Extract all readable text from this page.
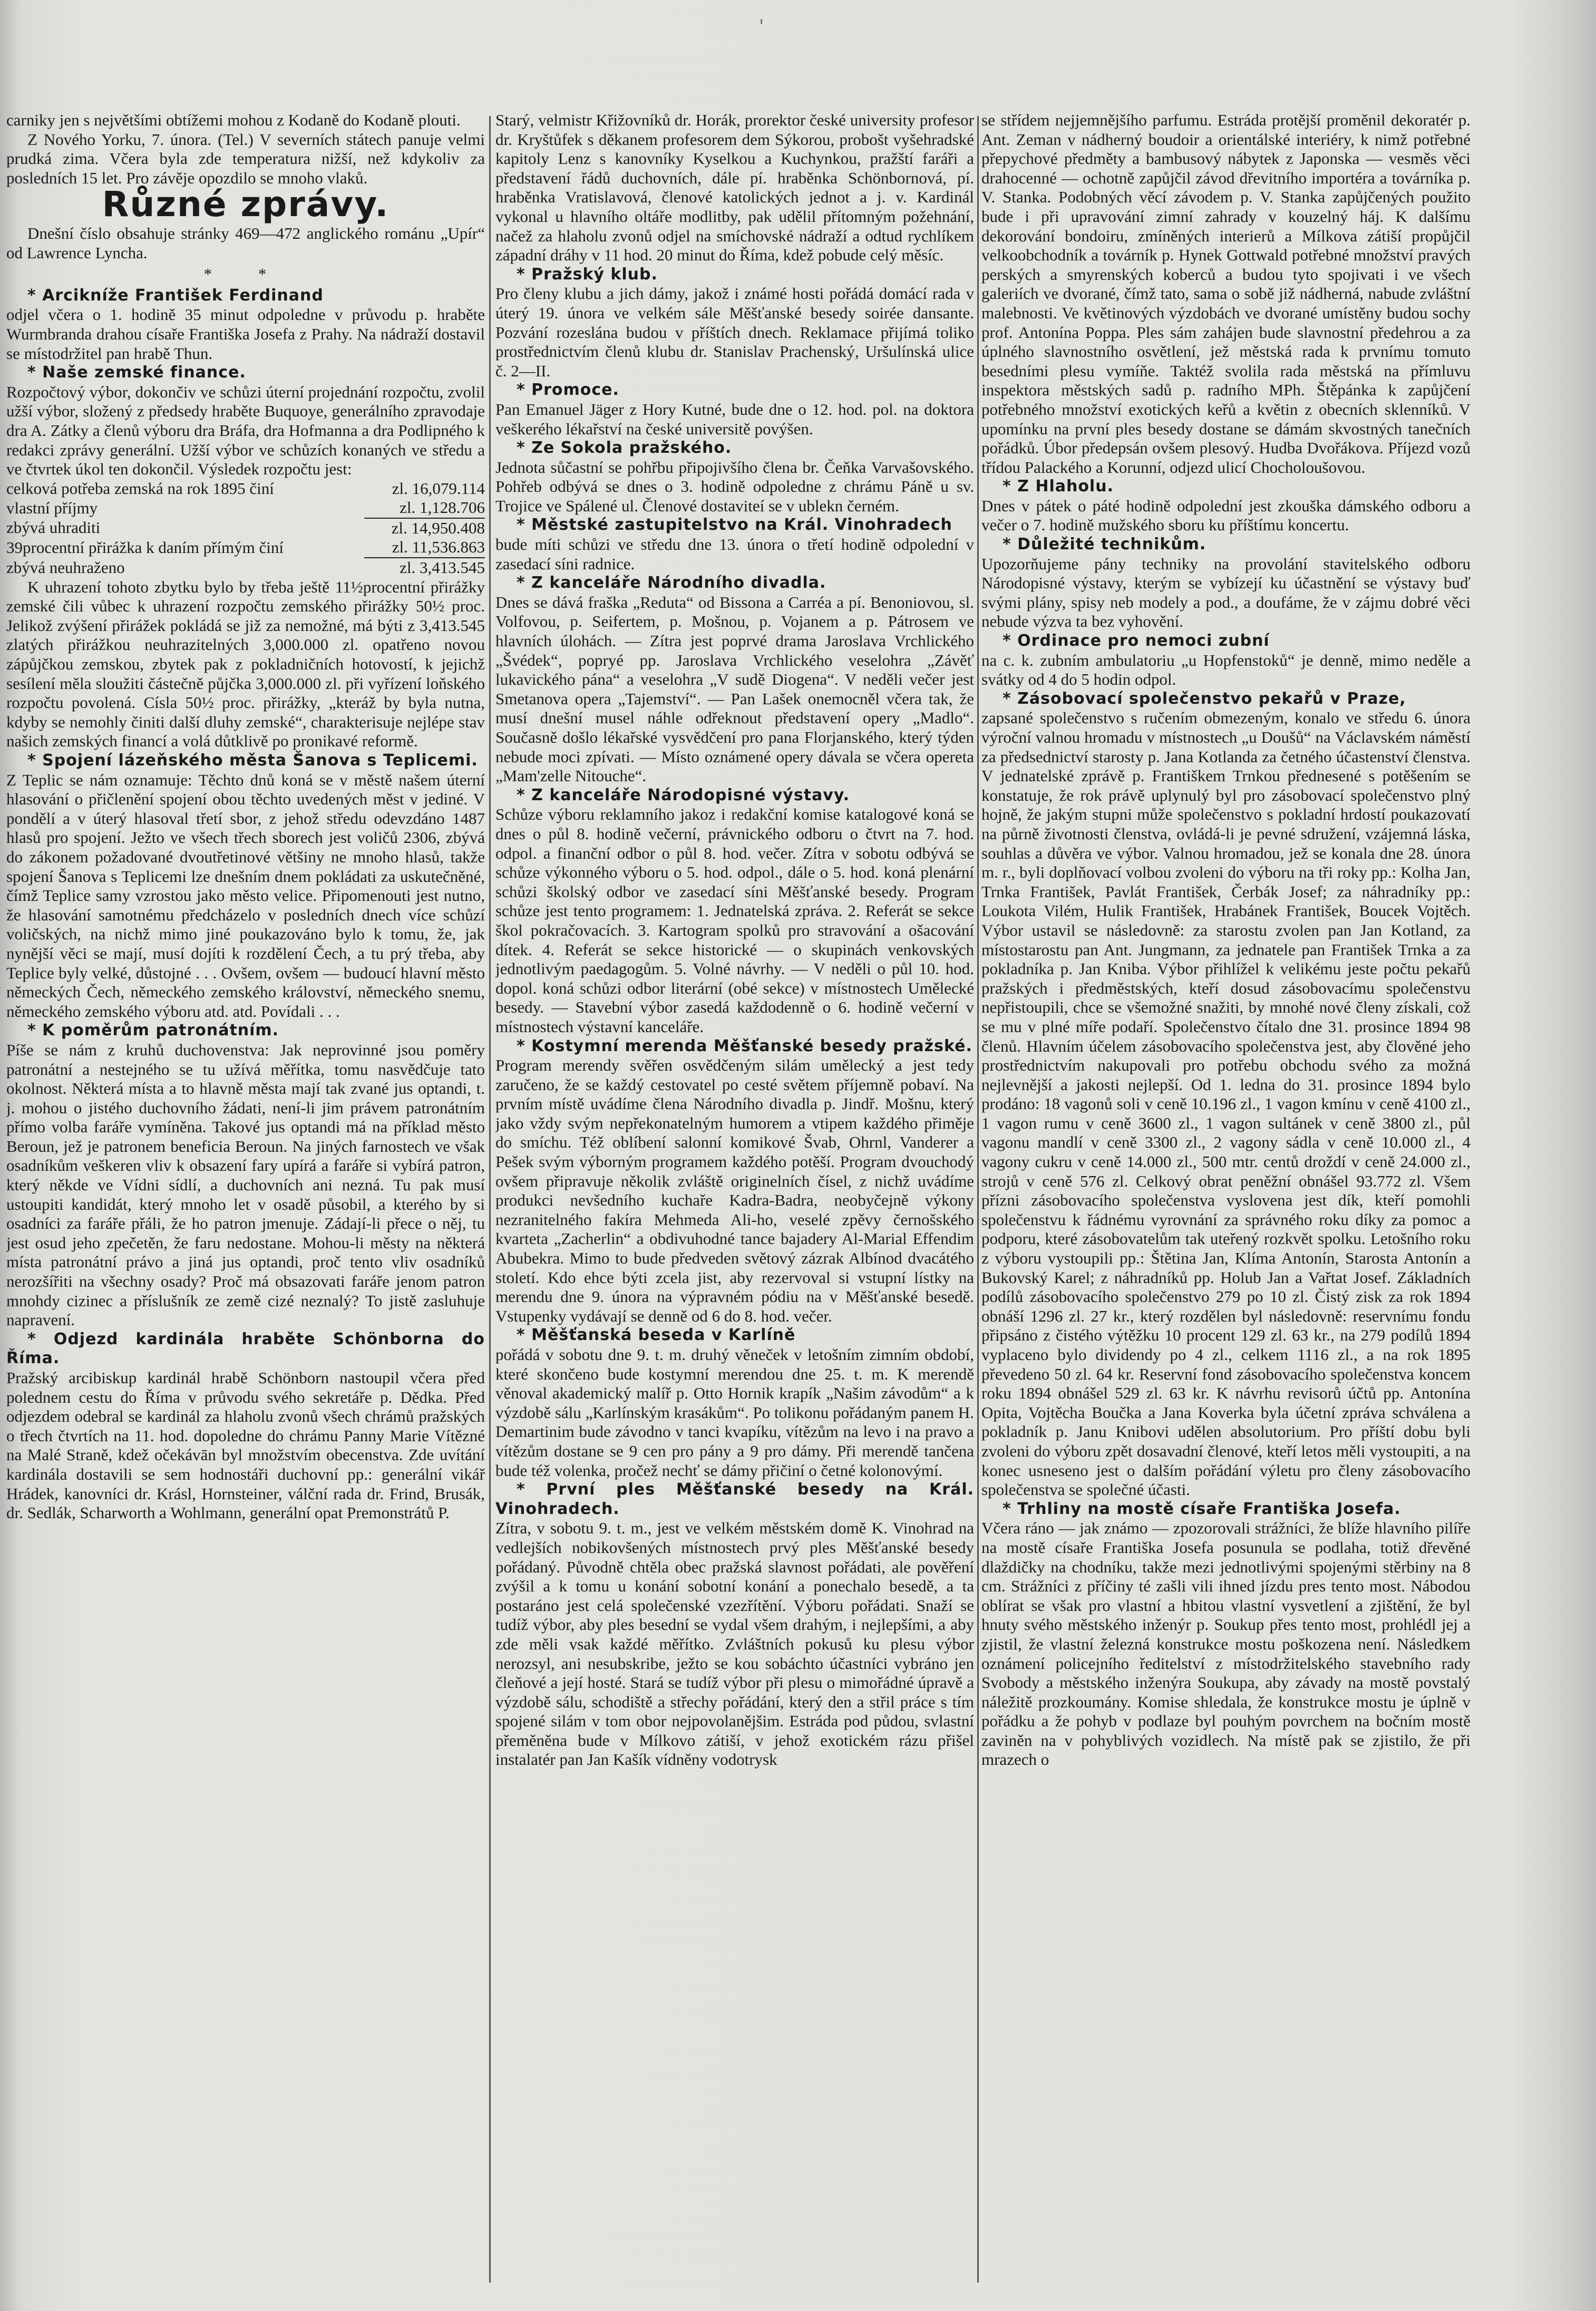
'

carniky jen s největšími obtížemi mohou z Kodaně do Kodaně plouti.

Z Nového Yorku, 7. února. (Tel.) V severních státech panuje velmi prudká zima. Včera byla zde temperatura nižší, než kdykoliv za posledních 15 let. Pro závěje opozdilo se mnoho vlaků.

Různé zprávy.

Dnešní číslo obsahuje stránky 469—472 anglického románu „Upír“ od Lawrence Lyncha.

* *

* Arcikníže František Ferdinand

odjel včera o 1. hodině 35 minut odpoledne v průvodu p. hraběte Wurmbranda drahou císaře Františka Josefa z Prahy. Na nádraží dostavil se místodržitel pan hrabě Thun.

* Naše zemské finance.

Rozpočtový výbor, dokončiv ve schůzi úterní projednání rozpočtu, zvolil užší výbor, složený z předsedy hraběte Buquoye, generálního zpravodaje dra A. Zátky a členů výboru dra Bráfa, dra Hofmanna a dra Podlipného k redakci zprávy generální. Užší výbor ve schůzích konaných ve středu a ve čtvrtek úkol ten dokončil. Výsledek rozpočtu jest:

celková potřeba zemská na rok 1895 činí	zl. 16,079.114
vlastní příjmy	zl. 1,128.706
zbývá uhraditi	zl. 14,950.408
39procentní přirážka k daním přímým činí	zl. 11,536.863
zbývá neuhraženo	zl. 3,413.545

K uhrazení tohoto zbytku bylo by třeba ještě 11½procentní přirážky zemské čili vůbec k uhrazení rozpočtu zemského přirážky 50½ proc. Jelikož zvýšení přirážek pokládá se již za nemožné, má býti z 3,413.545 zlatých přirážkou neuhrazitelných 3,000.000 zl. opatřeno novou zápůjčkou zemskou, zbytek pak z pokladničních hotovostí, k jejichž sesílení měla sloužiti částečně půjčka 3,000.000 zl. při vyřízení loňského rozpočtu povolená. Císla 50½ proc. přirážky, „kteráž by byla nutna, kdyby se nemohly činiti další dluhy zemské“, charakterisuje nejlépe stav našich zemských financí a volá důtklivě po pronikavé reformě.

* Spojení lázeňského města Šanova s Teplicemi.

Z Teplic se nám oznamuje: Těchto dnů koná se v městě našem úterní hlasování o přičlenění spojení obou těchto uvedených měst v jediné. V pondělí a v úterý hlasoval třetí sbor, z jehož středu odevzdáno 1487 hlasů pro spojení. Ježto ve všech třech sborech jest voličů 2306, zbývá do zákonem požadované dvoutřetinové většiny ne mnoho hlasů, takže spojení Šanova s Teplicemi lze dnešním dnem pokládati za uskutečněné, čímž Teplice samy vzrostou jako město velice. Připomenouti jest nutno, že hlasování samotnému předcházelo v posledních dnech více schůzí voličských, na nichž mimo jiné poukazováno bylo k tomu, že, jak nynější věci se mají, musí dojíti k rozdělení Čech, a tu prý třeba, aby Teplice byly velké, důstojné . . . Ovšem, ovšem — budoucí hlavní město německých Čech, německého zemského království, německého snemu, německého zemského výboru atd. atd. Povídali . . .

* K poměrům patronátním.

Píše se nám z kruhů duchovenstva: Jak neprovinné jsou poměry patronátní a nestejného se tu užívá měřítka, tomu nasvědčuje tato okolnost. Některá místa a to hlavně města mají tak zvané jus optandi, t. j. mohou o jistého duchovního žádati, není-li jim právem patronátním přímo volba faráře vymíněna. Takové jus optandi má na příklad město Beroun, jež je patronem beneficia Beroun. Na jiných farnostech ve však osadníkům veškeren vliv k obsazení fary upírá a faráře si vybírá patron, který někde ve Vídni sídlí, a duchovních ani nezná. Tu pak musí ustoupiti kandidát, který mnoho let v osadě působil, a kterého by si osadníci za faráře přáli, že ho patron jmenuje. Zádají-li přece o něj, tu jest osud jeho zpečetěn, že faru nedostane. Mohou-li městy na některá místa patronátní právo a jiná jus optandi, proč tento vliv osadníků nerozšířiti na všechny osady? Proč má obsazovati faráře jenom patron mnohdy cizinec a příslušník ze země cizé neznalý? To jistě zasluhuje napravení.

* Odjezd kardinála hraběte Schönborna do Říma.

Pražský arcibiskup kardinál hrabě Schönborn nastoupil včera před polednem cestu do Říma v průvodu svého sekretáře p. Dědka. Před odjezdem odebral se kardinál za hlaholu zvonů všech chrámů pražských o třech čtvrtích na 11. hod. dopoledne do chrámu Panny Marie Vítězné na Malé Straně, kdež očekávān byl množstvím obecenstva. Zde uvítání kardinála dostavili se sem hodnostáři duchovní pp.: generální vikář Hrádek, kanovníci dr. Krásl, Hornsteiner, válční rada dr. Frind, Brusák, dr. Sedlák, Scharworth a Wohlmann, generální opat Premonstrátů P.

Starý, velmistr Křižovníků dr. Horák, prorektor české university profesor dr. Kryštůfek s děkanem profesorem dem Sýkorou, probošt vyšehradské kapitoly Lenz s kanovníky Kyselkou a Kuchynkou, pražští faráři a představení řádů duchovních, dále pí. hraběnka Schönbornová, pí. hraběnka Vratislavová, členové katolických jednot a j. v. Kardinál vykonal u hlavního oltáře modlitby, pak udělil přítomným požehnání, načež za hlaholu zvonů odjel na smíchovské nádraží a odtud rychlíkem západní dráhy v 11 hod. 20 minut do Říma, kdež pobude celý měsíc.

* Pražský klub.

Pro členy klubu a jich dámy, jakož i známé hosti pořádá domácí rada v úterý 19. února ve velkém sále Měšťanské besedy soirée dansante. Pozvání rozeslána budou v příštích dnech. Reklamace přijímá toliko prostřednictvím členů klubu dr. Stanislav Prachenský, Uršulínská ulice č. 2—II.

* Promoce.

Pan Emanuel Jäger z Hory Kutné, bude dne o 12. hod. pol. na doktora veškerého lékařství na české universitě povýšen.

* Ze Sokola pražského.

Jednota sůčastní se pohřbu připojivšího člena br. Čeňka Varvašovského. Pohřeb odbývá se dnes o 3. hodině odpoledne z chrámu Páně u sv. Trojice ve Spálené ul. Členové dostaviteí se v ublekn černém.

* Městské zastupitelstvo na Král. Vinohradech

bude míti schůzi ve středu dne 13. února o třetí hodině odpolední v zasedací síni radnice.

* Z kanceláře Národního divadla.

Dnes se dává fraška „Reduta“ od Bissona a Carréa a pí. Benoniovou, sl. Volfovou, p. Seifertem, p. Mošnou, p. Vojanem a p. Pátrosem ve hlavních úlohách. — Zítra jest poprvé drama Jaroslava Vrchlického „Švédek“, popryé pp. Jaroslava Vrchlického veselohra „Závěť lukavického pána“ a veselohra „V sudě Diogena“. V neděli večer jest Smetanova opera „Tajemství“. — Pan Lašek onemocněl včera tak, že musí dnešní musel náhle odřeknout představení opery „Madlo“. Současně došlo lékařské vysvědčení pro pana Florjanského, který týden nebude moci zpívati. — Místo oznámené opery dávala se včera opereta „Mam'zelle Nitouche“.

* Z kanceláře Národopisné výstavy.

Schůze výboru reklamního jakoz i redakční komise katalogové koná se dnes o půl 8. hodině večerní, právnického odboru o čtvrt na 7. hod. odpol. a finanční odbor o půl 8. hod. večer. Zítra v sobotu odbývá se schůze výkonného výboru o 5. hod. odpol., dále o 5. hod. koná plenární schůzi školský odbor ve zasedací síni Měšťanské besedy. Program schůze jest tento programem: 1. Jednatelská zpráva. 2. Referát se sekce škol pokračovacích. 3. Kartogram spolků pro stravování a ošacování dítek. 4. Referát se sekce historické — o skupinách venkovských jednotlivým paedagogům. 5. Volné návrhy. — V neděli o půl 10. hod. dopol. koná schůzi odbor literární (obé sekce) v místnostech Umělecké besedy. — Stavební výbor zasedá každodenně o 6. hodině večerní v místnostech výstavní kanceláře.

* Kostymní merenda Měšťanské besedy pražské.

Program merendy svěřen osvědčeným silám umělecký a jest tedy zaručeno, že se každý cestovatel po cesté světem příjemně pobaví. Na prvním místě uvádíme člena Národního divadla p. Jindř. Mošnu, který jako vždy svým nepřekonatelným humorem a vtipem každého přiměje do smíchu. Též oblíbení salonní komikové Švab, Ohrnl, Vanderer a Pešek svým výborným programem každého potěší. Program dvouchodý ovšem připravuje několik zvláště originelních čísel, z nichž uvádíme produkci nevšedního kuchaře Kadra-Badra, neobyčejně výkony nezranitelného fakíra Mehmeda Ali-ho, veselé zpěvy černošského kvarteta „Zacherlin“ a obdivuhodné tance bajadery Al-Marial Effendim Abubekra. Mimo to bude předveden světový zázrak Albínod dvacátého století. Kdo ehce býti zcela jist, aby rezervoval si vstupní lístky na merendu dne 9. února na výpravném pódiu na v Měšťanské besedě. Vstupenky vydávají se denně od 6 do 8. hod. večer.

* Měšťanská beseda v Karlíně

pořádá v sobotu dne 9. t. m. druhý věneček v letošním zimním období, které skončeno bude kostymní merendou dne 25. t. m. K merendě věnoval akademický malíř p. Otto Hornik krapík „Našim závodům“ a k výzdobě sálu „Karlínským krasákům“. Po tolikonu pořádaným panem H. Demartinim bude závodno v tanci kvapíku, vítězům na levo i na pravo a vítězům dostane se 9 cen pro pány a 9 pro dámy. Při merendě tančena bude též volenka, pročež nechť se dámy přičiní o četné kolonovýmí.

* První ples Měšťanské besedy na Král. Vinohradech.

Zítra, v sobotu 9. t. m., jest ve velkém městském domě K. Vinohrad na vedlejších nobikovšených místnostech prvý ples Měšťanské besedy pořádaný. Původně chtěla obec pražská slavnost pořádati, ale pověření zvýšil a k tomu u konání sobotní konání a ponechalo besedě, a ta postaráno jest celá společenské vzezřítění. Výboru pořádati. Snaží se tudíž výbor, aby ples besední se vydal všem drahým, i nejlepšími, a aby zde měli vsak každé měřítko. Zvláštních pokusů ku plesu výbor nerozsyl, ani nesubskribe, ježto se kou sobáchto účastníci vybráno jen čleňové a její hosté. Stará se tudíž výbor při plesu o mimořádné úpravě a výzdobě sálu, schodiště a střechy pořádání, který den a střil práce s tím spojené silám v tom obor nejpovolanějšim. Estráda pod půdou, svlastní přeměněna bude v Mílkovo zátiší, v jehož exotickém rázu přišel instalatér pan Jan Kašík vídněny vodotrysk

se střídem nejjemnějšího parfumu. Estráda protější proměnil dekoratér p. Ant. Zeman v nádherný boudoir a orientálské interiéry, k nimž potřebné přepychové předměty a bambusový nábytek z Japonska — vesměs věci drahocenné — ochotně zapůjčil závod dřevitního importéra a továrníka p. V. Stanka. Podobných věcí závodem p. V. Stanka zapůjčených použito bude i při upravování zimní zahrady v kouzelný háj. K dalšímu dekorování bondoiru, zmíněných interierů a Mílkova zátiší propůjčil velkoobchodník a továrník p. Hynek Gottwald potřebné množství pravých perských a smyrenských koberců a budou tyto spojivati i ve všech galeriích ve dvorané, čímž tato, sama o sobě již nádherná, nabude zvláštní malebnosti. Ve květinových výzdobách ve dvorané umístěny budou sochy prof. Antonína Poppa. Ples sám zahájen bude slavnostní předehrou a za úplného slavnostního osvětlení, jež městská rada k prvnímu tomuto besedními plesu vymíňe. Taktéž svolila rada městská na přímluvu inspektora městských sadů p. radního MPh. Štěpánka k zapůjčení potřebného množství exotických keřů a květin z obecních sklenníků. V upomínku na první ples besedy dostane se dámám skvostných tanečních pořádků. Úbor předepsán ovšem plesový. Hudba Dvořákova. Příjezd vozů třídou Palackého a Korunní, odjezd ulicí Chocholoušovou.

* Z Hlaholu.

Dnes v pátek o páté hodině odpolední jest zkouška dámského odboru a večer o 7. hodině mužského sboru ku příštímu koncertu.

* Důležité technikům.

Upozorňujeme pány techniky na provolání stavitelského odboru Národopisné výstavy, kterým se vybízejí ku účastnění se výstavy buď svými plány, spisy neb modely a pod., a doufáme, že v zájmu dobré věci nebude výzva ta bez vyhovění.

* Ordinace pro nemoci zubní

na c. k. zubním ambulatoriu „u Hopfenstoků“ je denně, mimo neděle a svátky od 4 do 5 hodin odpol.

* Zásobovací společenstvo pekařů v Praze,

zapsané společenstvo s ručením obmezeným, konalo ve středu 6. února výroční valnou hromadu v místnostech „u Doušů“ na Václavském náměstí za předsednictví starosty p. Jana Kotlanda za četného účastenství členstva. V jednatelské zprávě p. Františkem Trnkou přednesené s potěšením se konstatuje, že rok právě uplynulý byl pro zásobovací společenstvo plný hojně, že jakým stupni může společenstvo s pokladní hrdostí poukazovatí na půrně životnosti členstva, ovládá-li je pevné sdružení, vzájemná láska, souhlas a důvěra ve výbor. Valnou hromadou, jež se konala dne 28. února m. r., byli doplňovací volbou zvoleni do výboru na tři roky pp.: Kolha Jan, Trnka František, Pavlát František, Čerbák Josef; za náhradníky pp.: Loukota Vilém, Hulik František, Hrabánek František, Boucek Vojtěch. Výbor ustavil se následovně: za starostu zvolen pan Jan Kotland, za místostarostu pan Ant. Jungmann, za jednatele pan František Trnka a za pokladníka p. Jan Kniba. Výbor přihlížel k velikému jeste počtu pekařů pražských i předměstských, kteří dosud zásobovacímu společenstvu nepřistoupili, chce se všemožné snažiti, by mnohé nové členy získali, což se mu v plné míře podaří. Společenstvo čítalo dne 31. prosince 1894 98 členů. Hlavním účelem zásobovacího společenstva jest, aby člověné jeho prostřednictvím nakupovali pro potřebu obchodu svého za možná nejlevnější a jakosti nejlepší. Od 1. ledna do 31. prosince 1894 bylo prodáno: 18 vagonů soli v ceně 10.196 zl., 1 vagon kmínu v ceně 4100 zl., 1 vagon rumu v ceně 3600 zl., 1 vagon sultánek v ceně 3800 zl., půl vagonu mandlí v ceně 3300 zl., 2 vagony sádla v ceně 10.000 zl., 4 vagony cukru v ceně 14.000 zl., 500 mtr. centů droždí v ceně 24.000 zl., strojů v ceně 576 zl. Celkový obrat peněžní obnášel 93.772 zl. Všem přízni zásobovacího společenstva vyslovena jest dík, kteří pomohli společenstvu k řádnému vyrovnání za správného roku díky za pomoc a podporu, které zásobovatelům tak uteřený rozkvět spolku. Letošního roku z výboru vystoupili pp.: Štětina Jan, Klíma Antonín, Starosta Antonín a Bukovský Karel; z náhradníků pp. Holub Jan a Vařtat Josef. Základních podílů zásobovacího společenstvo 279 po 10 zl. Čistý zisk za rok 1894 obnáší 1296 zl. 27 kr., který rozdělen byl následovně: reservnímu fondu připsáno z čistého výtěžku 10 procent 129 zl. 63 kr., na 279 podílů 1894 vyplaceno bylo dividendy po 4 zl., celkem 1116 zl., a na rok 1895 převedeno 50 zl. 64 kr. Reservní fond zásobovacího společenstva koncem roku 1894 obnášel 529 zl. 63 kr. K návrhu revisorů účtů pp. Antonína Opita, Vojtěcha Boučka a Jana Koverka byla účetní zpráva schválena a pokladník p. Janu Knibovi udělen absolutorium. Pro příští dobu byli zvoleni do výboru zpět dosavadní členové, kteří letos měli vystoupiti, a na konec usneseno jest o dalším pořádání výletu pro členy zásobovacího společenstva se společné účasti.

* Trhliny na mostě císaře Františka Josefa.

Včera ráno — jak známo — zpozorovali strážníci, že blíže hlavního pilíře na mostě císaře Františka Josefa posunula se podlaha, totiž dřevěné dlaždičky na chodníku, takže mezi jednotlivými spojenými stěrbiny na 8 cm. Strážníci z příčiny té zašli vili ihned jízdu pres tento most. Nábodou oblírat se však pro vlastní a hbitou vlastní vysvetlení a zjištění, že byl hnuty svého městského inženýr p. Soukup přes tento most, prohlédl jej a zjistil, že vlastní železná konstrukce mostu poškozena není. Následkem oznámení policejního ředitelství z místodržitelského stavebního rady Svobody a městského inženýra Soukupa, aby závady na mostě povstalý náležitě prozkoumány. Komise shledala, že konstrukce mostu je úplně v pořádku a že pohyb v podlaze byl pouhým povrchem na bočním mostě zaviněn na v pohyblivých vozidlech. Na místě pak se zjistilo, že při mrazech o
